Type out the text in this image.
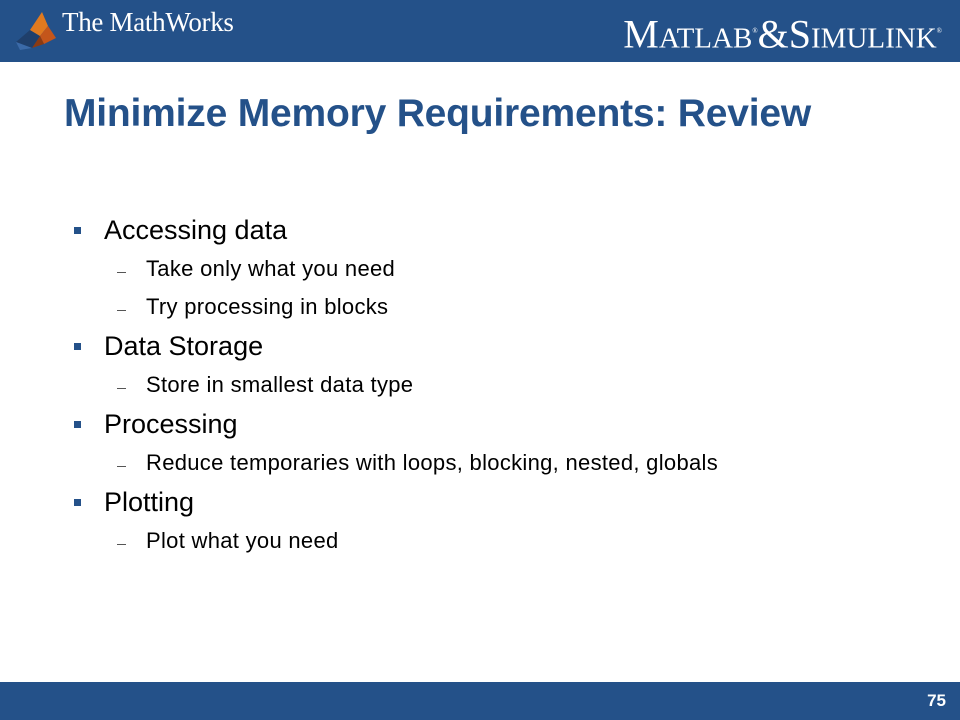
The MathWorks	MATLAB®&SIMULINK®
Minimize Memory Requirements: Review
Accessing data
Take only what you need
Try processing in blocks
Data Storage
Store in smallest data type
Processing
Reduce temporaries with loops, blocking, nested, globals
Plotting
Plot what you need
75
